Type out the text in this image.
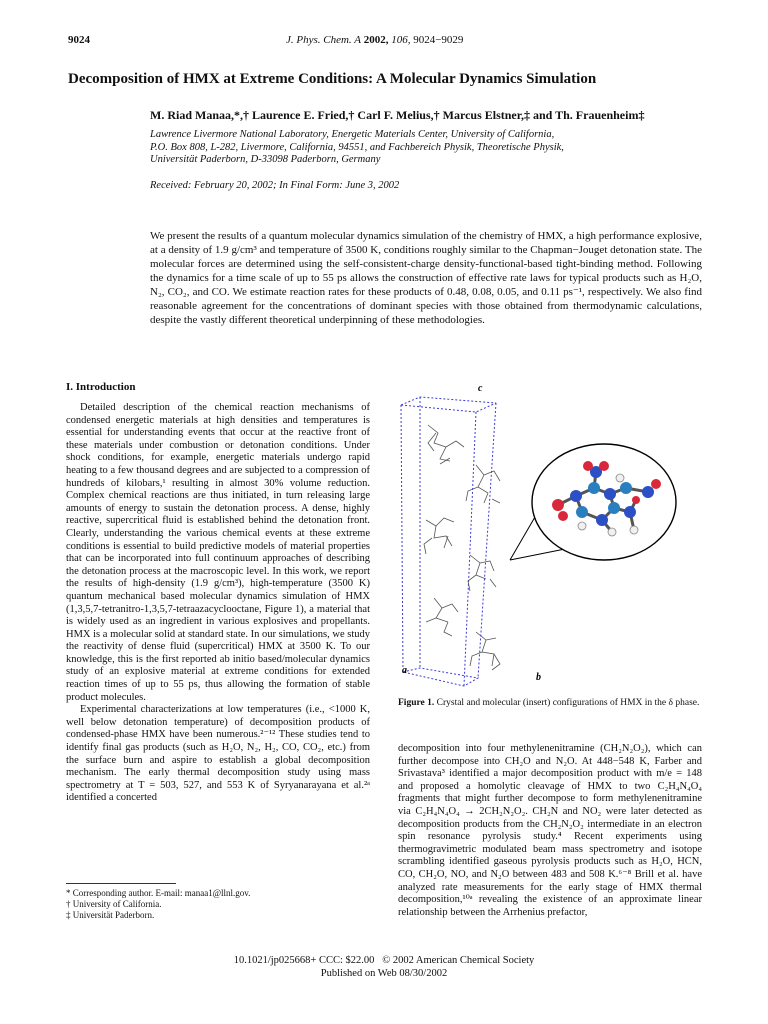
9024	J. Phys. Chem. A 2002, 106, 9024−9029
Decomposition of HMX at Extreme Conditions: A Molecular Dynamics Simulation
M. Riad Manaa,*,† Laurence E. Fried,† Carl F. Melius,† Marcus Elstner,‡ and Th. Frauenheim‡
Lawrence Livermore National Laboratory, Energetic Materials Center, University of California,
P.O. Box 808, L-282, Livermore, California, 94551, and Fachbereich Physik, Theoretische Physik,
Universität Paderborn, D-33098 Paderborn, Germany
Received: February 20, 2002; In Final Form: June 3, 2002
We present the results of a quantum molecular dynamics simulation of the chemistry of HMX, a high performance explosive, at a density of 1.9 g/cm³ and temperature of 3500 K, conditions roughly similar to the Chapman−Jouget detonation state. The molecular forces are determined using the self-consistent-charge density-functional-based tight-binding method. Following the dynamics for a time scale of up to 55 ps allows the construction of effective rate laws for typical products such as H₂O, N₂, CO₂, and CO. We estimate reaction rates for these products of 0.48, 0.08, 0.05, and 0.11 ps⁻¹, respectively. We also find reasonable agreement for the concentrations of dominant species with those obtained from thermodynamic calculations, despite the vastly different theoretical underpinning of these methodologies.
I. Introduction

Detailed description of the chemical reaction mechanisms of condensed energetic materials at high densities and temperatures is essential for understanding events that occur at the reactive front of these materials under combustion or detonation conditions. Under shock conditions, for example, energetic materials undergo rapid heating to a few thousand degrees and are subjected to a compression of hundreds of kilobars,¹ resulting in almost 30% volume reduction. Complex chemical reactions are thus initiated, in turn releasing large amounts of energy to sustain the detonation process. A dense, highly reactive, supercritical fluid is established behind the detonation front. Clearly, understanding the various chemical events at these extreme conditions is essential to build predictive models of material properties that can be incorporated into full continuum approaches of describing the detonation process at the macroscopic level. In this work, we report the results of high-density (1.9 g/cm³), high-temperature (3500 K) quantum mechanical based molecular dynamics simulation of HMX (1,3,5,7-tetranitro-1,3,5,7-tetraazacyclooctane, Figure 1), a material that is widely used as an ingredient in various explosives and propellants. HMX is a molecular solid at standard state. In our simulations, we study the reactivity of dense fluid (supercritical) HMX at 3500 K. To our knowledge, this is the first reported ab initio based/molecular dynamics study of an explosive material at extreme conditions for extended reaction times of up to 55 ps, thus allowing the formation of stable product molecules.

Experimental characterizations at low temperatures (i.e., <1000 K, well below detonation temperature) of decomposition products of condensed-phase HMX have been numerous.²⁻¹² These studies tend to identify final gas products (such as H₂O, N₂, H₂, CO, CO₂, etc.) from the surface burn and aspire to establish a global decomposition mechanism. The early thermal decomposition study using mass spectrometry at T = 503, 527, and 553 K of Syryanarayana et al.²ᵃ identified a concerted

c
a
b
Figure 1. Crystal and molecular (insert) configurations of HMX in the δ phase.

decomposition into four methylenenitramine (CH₂N₂O₂), which can further decompose into CH₂O and N₂O. At 448−548 K, Farber and Srivastava³ identified a major decomposition product with m/e = 148 and proposed a homolytic cleavage of HMX to two C₂H₄N₄O₄ fragments that might further decompose to form methylenenitramine via C₂H₄N₄O₄ → 2CH₂N₂O₂. CH₂N and NO₂ were later detected as decomposition products from the CH₂N₂O₂ intermediate in an electron spin resonance pyrolysis study.⁴ Recent experiments using thermogravimetric modulated beam mass spectrometry and isotope scrambling identified gaseous pyrolysis products such as H₂O, HCN, CO, CH₂O, NO, and N₂O between 483 and 508 K.⁶⁻⁸ Brill et al. have analyzed rate measurements for the early stage of HMX thermal decomposition,¹⁰ᵃ revealing the existence of an approximate linear relationship between the Arrhenius prefactor,

* Corresponding author. E-mail: manaa1@llnl.gov.
† University of California.
‡ Universität Paderborn.
10.1021/jp025668+ CCC: $22.00   © 2002 American Chemical Society
Published on Web 08/30/2002
